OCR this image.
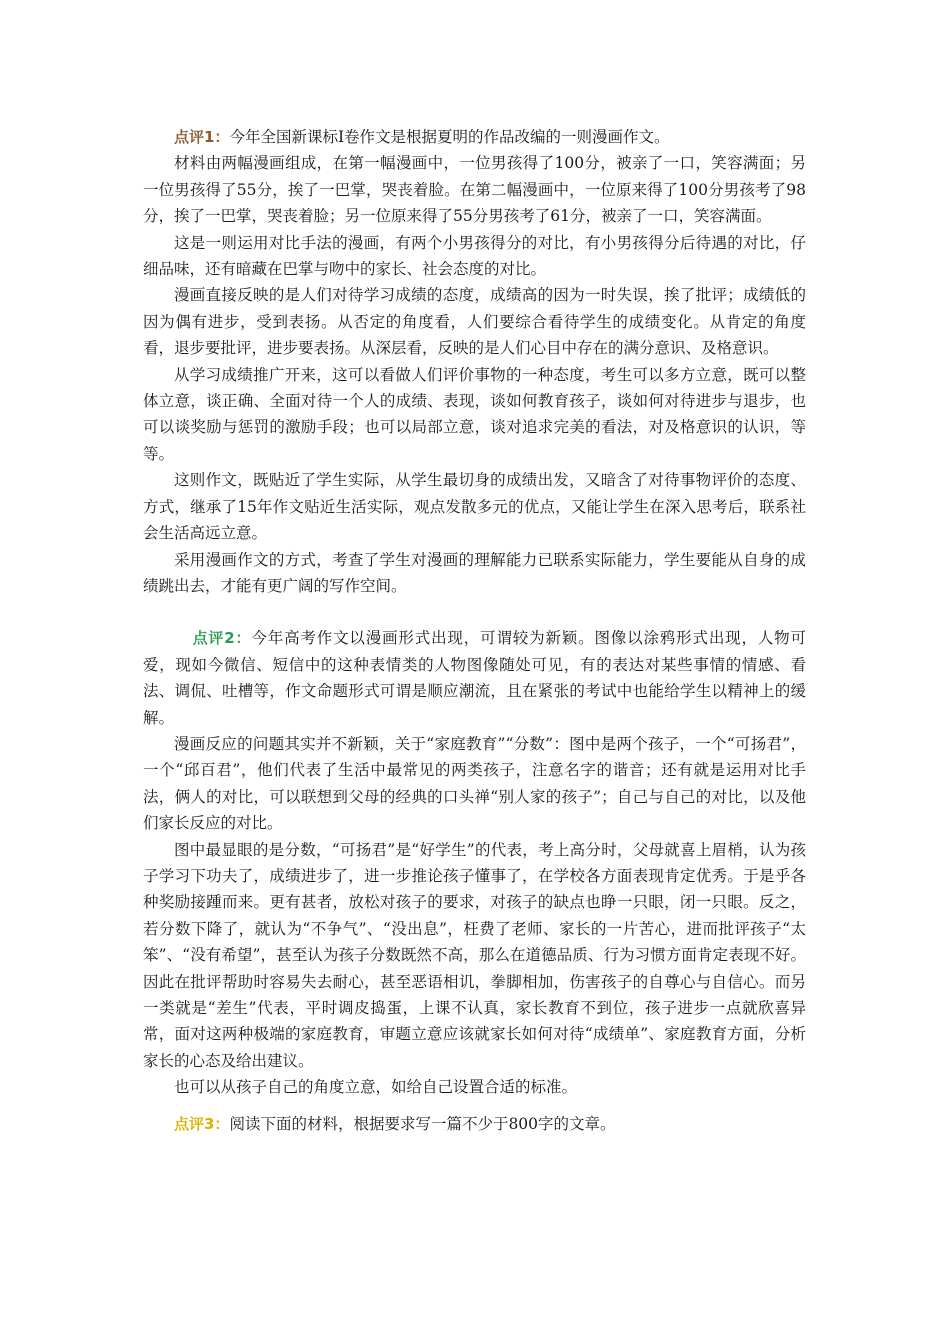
点评1：今年全国新课标Ⅰ卷作文是根据夏明的作品改编的一则漫画作文。

材料由两幅漫画组成，在第一幅漫画中，一位男孩得了100分，被亲了一口，笑容满面；另一位男孩得了55分，挨了一巴掌，哭丧着脸。在第二幅漫画中，一位原来得了100分男孩考了98分，挨了一巴掌，哭丧着脸；另一位原来得了55分男孩考了61分，被亲了一口，笑容满面。

这是一则运用对比手法的漫画，有两个小男孩得分的对比，有小男孩得分后待遇的对比，仔细品味，还有暗藏在巴掌与吻中的家长、社会态度的对比。

漫画直接反映的是人们对待学习成绩的态度，成绩高的因为一时失误，挨了批评；成绩低的因为偶有进步，受到表扬。从否定的角度看，人们要综合看待学生的成绩变化。从肯定的角度看，退步要批评，进步要表扬。从深层看，反映的是人们心目中存在的满分意识、及格意识。

从学习成绩推广开来，这可以看做人们评价事物的一种态度，考生可以多方立意，既可以整体立意，谈正确、全面对待一个人的成绩、表现，谈如何教育孩子，谈如何对待进步与退步，也可以谈奖励与惩罚的激励手段；也可以局部立意，谈对追求完美的看法，对及格意识的认识，等等。

这则作文，既贴近了学生实际，从学生最切身的成绩出发，又暗含了对待事物评价的态度、方式，继承了15年作文贴近生活实际，观点发散多元的优点，又能让学生在深入思考后，联系社会生活高远立意。

采用漫画作文的方式，考查了学生对漫画的理解能力已联系实际能力，学生要能从自身的成绩跳出去，才能有更广阔的写作空间。

点评2：今年高考作文以漫画形式出现，可谓较为新颖。图像以涂鸦形式出现，人物可爱，现如今微信、短信中的这种表情类的人物图像随处可见，有的表达对某些事情的情感、看法、调侃、吐槽等，作文命题形式可谓是顺应潮流，且在紧张的考试中也能给学生以精神上的缓解。

漫画反应的问题其实并不新颖，关于“家庭教育”“分数”：图中是两个孩子，一个“可扬君”，一个“邱百君”，他们代表了生活中最常见的两类孩子，注意名字的谐音；还有就是运用对比手法，俩人的对比，可以联想到父母的经典的口头禅“别人家的孩子”；自己与自己的对比，以及他们家长反应的对比。

图中最显眼的是分数，“可扬君”是“好学生”的代表，考上高分时，父母就喜上眉梢，认为孩子学习下功夫了，成绩进步了，进一步推论孩子懂事了，在学校各方面表现肯定优秀。于是乎各种奖励接踵而来。更有甚者，放松对孩子的要求，对孩子的缺点也睁一只眼，闭一只眼。反之，若分数下降了，就认为“不争气”、“没出息”，枉费了老师、家长的一片苦心，进而批评孩子“太笨”、“没有希望”，甚至认为孩子分数既然不高，那么在道德品质、行为习惯方面肯定表现不好。因此在批评帮助时容易失去耐心，甚至恶语相讥，拳脚相加，伤害孩子的自尊心与自信心。而另一类就是“差生”代表，平时调皮捣蛋，上课不认真，家长教育不到位，孩子进步一点就欣喜异常，面对这两种极端的家庭教育，审题立意应该就家长如何对待“成绩单”、家庭教育方面，分析家长的心态及给出建议。

也可以从孩子自己的角度立意，如给自己设置合适的标准。

点评3：阅读下面的材料，根据要求写一篇不少于800字的文章。
